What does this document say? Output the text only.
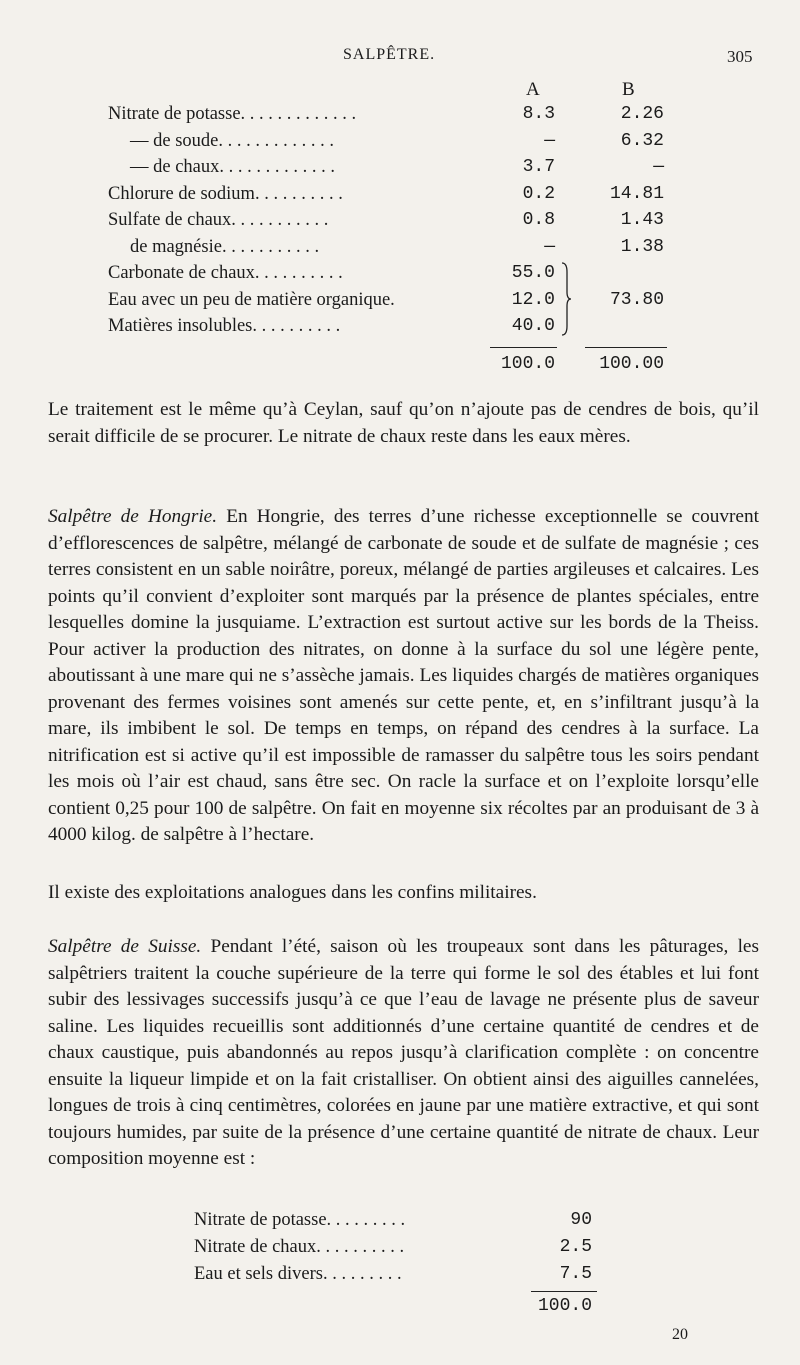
SALPÊTRE.	305
A	B
Nitrate de potasse. . . . . . . . . . . . .	8.3	2.26
— de soude. . . . . . . . . . . . .	—	6.32
— de chaux. . . . . . . . . . . . .	3.7	—
Chlorure de sodium. . . . . . . . . .	0.2	14.81
Sulfate de chaux. . . . . . . . . . .	0.8	1.43
de magnésie. . . . . . . . . . .	—	1.38
Carbonate de chaux. . . . . . . . . .	55.0
Eau avec un peu de matière organique.	12.0	73.80
Matières insolubles. . . . . . . . . .	40.0
100.0 100.00

Le traitement est le même qu’à Ceylan, sauf qu’on n’ajoute pas de cendres de bois, qu’il serait difficile de se procurer. Le nitrate de chaux reste dans les eaux mères.

Salpêtre de Hongrie. En Hongrie, des terres d’une richesse exceptionnelle se couvrent d’efflorescences de salpêtre, mélangé de carbonate de soude et de sulfate de magnésie ; ces terres consistent en un sable noirâtre, poreux, mélangé de parties argileuses et calcaires. Les points qu’il convient d’exploiter sont marqués par la présence de plantes spéciales, entre lesquelles domine la jusquiame. L’extraction est surtout active sur les bords de la Theiss. Pour activer la production des nitrates, on donne à la surface du sol une légère pente, aboutissant à une mare qui ne s’assèche jamais. Les liquides chargés de matières organiques provenant des fermes voisines sont amenés sur cette pente, et, en s’infiltrant jusqu’à la mare, ils imbibent le sol. De temps en temps, on répand des cendres à la surface. La nitrification est si active qu’il est impossible de ramasser du salpêtre tous les soirs pendant les mois où l’air est chaud, sans être sec. On racle la surface et on l’exploite lorsqu’elle contient 0,25 pour 100 de salpêtre. On fait en moyenne six récoltes par an produisant de 3 à 4000 kilog. de salpêtre à l’hectare.

Il existe des exploitations analogues dans les confins militaires.

Salpêtre de Suisse. Pendant l’été, saison où les troupeaux sont dans les pâturages, les salpêtriers traitent la couche supérieure de la terre qui forme le sol des étables et lui font subir des lessivages successifs jusqu’à ce que l’eau de lavage ne présente plus de saveur saline. Les liquides recueillis sont additionnés d’une certaine quantité de cendres et de chaux caustique, puis abandonnés au repos jusqu’à clarification complète : on concentre ensuite la liqueur limpide et on la fait cristalliser. On obtient ainsi des aiguilles cannelées, longues de trois à cinq centimètres, colorées en jaune par une matière extractive, et qui sont toujours humides, par suite de la présence d’une certaine quantité de nitrate de chaux. Leur composition moyenne est :

Nitrate de potasse. . . . . . . . .	90
Nitrate de chaux. . . . . . . . . .	2.5
Eau et sels divers. . . . . . . . .	7.5
100.0
20
